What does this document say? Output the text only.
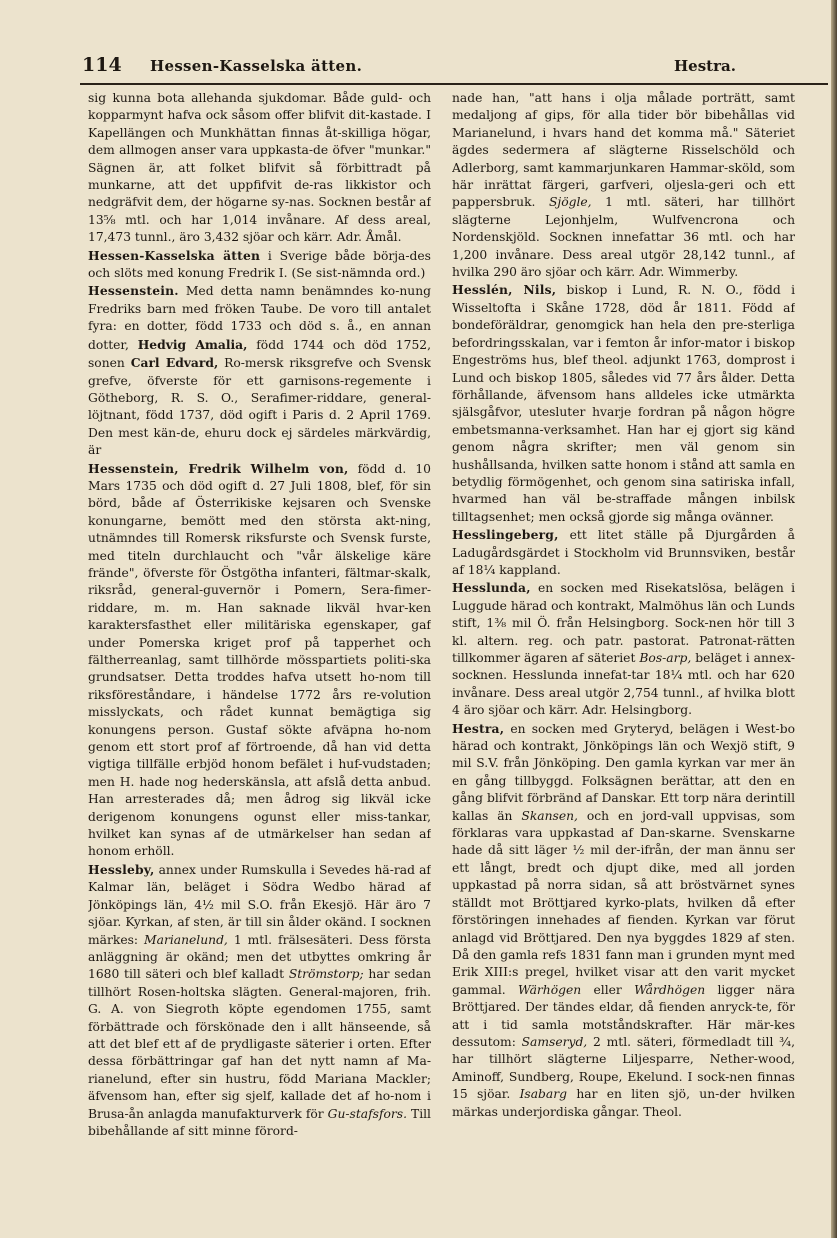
114 Hessen-Kasselska ätten.	Hestra.

sig kunna bota allehanda sjukdomar. Både guld- och kopparmynt hafva ock såsom offer blifvit dit-kastade. I Kapellängen och Munkhättan finnas åt-skilliga högar, dem allmogen anser vara uppkasta-de öfver "munkar." Sägnen är, att folket blifvit så förbittradt på munkarne, att det uppfifvit de-ras likkistor och nedgräfvit dem, der högarne sy-nas. Socknen består af 13⅝ mtl. och har 1,014 invånare. Af dess areal, 17,473 tunnl., äro 3,432 sjöar och kärr. Adr. Åmål.

Hessen-Kasselska ätten i Sverige både börja-des och slöts med konung Fredrik I. (Se sist-nämnda ord.)

Hessenstein. Med detta namn benämndes ko-nung Fredriks barn med fröken Taube. De voro till antalet fyra: en dotter, född 1733 och död s. å., en annan dotter, Hedvig Amalia, född 1744 och död 1752, sonen Carl Edvard, Ro-mersk riksgrefve och Svensk grefve, öfverste för ett garnisons-regemente i Götheborg, R. S. O., Serafimer-riddare, general-löjtnant, född 1737, död ogift i Paris d. 2 April 1769. Den mest kän-de, ehuru dock ej särdeles märkvärdig, är

Hessenstein, Fredrik Wilhelm von, född d. 10 Mars 1735 och död ogift d. 27 Juli 1808, blef, för sin börd, både af Österrikiske kejsaren och Svenske konungarne, bemött med den största akt-ning, utnämndes till Romersk riksfurste och Svensk furste, med titeln durchlaucht och "vår älskelige käre frände", öfverste för Östgötha infanteri, fältmar-skalk, riksråd, general-guvernör i Pomern, Sera-fimer-riddare, m. m. Han saknade likväl hvar-ken karaktersfasthet eller militäriska egenskaper, gaf under Pomerska kriget prof på tapperhet och fältherreanlag, samt tillhörde mösspartiets politi-ska grundsatser. Detta troddes hafva utsett ho-nom till riksföreståndare, i händelse 1772 års re-volution misslyckats, och rådet kunnat bemägtiga sig konungens person. Gustaf sökte afväpna ho-nom genom ett stort prof af förtroende, då han vid detta vigtiga tillfälle erbjöd honom befälet i huf-vudstaden; men H. hade nog hederskänsla, att afslå detta anbud. Han arresterades då; men ådrog sig likväl icke derigenom konungens ogunst eller miss-tankar, hvilket kan synas af de utmärkelser han sedan af honom erhöll.

Hessleby, annex under Rumskulla i Sevedes hä-rad af Kalmar län, beläget i Södra Wedbo härad af Jönköpings län, 4½ mil S.O. från Ekesjö. Här äro 7 sjöar. Kyrkan, af sten, är till sin ålder okänd. I socknen märkes: Marianelund, 1 mtl. frälsesäteri. Dess första anläggning är okänd; men det utbyttes omkring år 1680 till säteri och blef kalladt Strömstorp; har sedan tillhört Rosen-holtska slägten. General-majoren, frih. G. A. von Siegroth köpte egendomen 1755, samt förbättrade och förskönade den i allt hänseende, så att det blef ett af de prydligaste säterier i orten. Efter dessa förbättringar gaf han det nytt namn af Ma-rianelund, efter sin hustru, född Mariana Mackler; äfvensom han, efter sig sjelf, kallade det af ho-nom i Brusa-ån anlagda manufakturverk för Gu-stafsfors. Till bibehållande af sitt minne förord-

nade han, "att hans i olja målade porträtt, samt medaljong af gips, för alla tider bör bibehållas vid Marianelund, i hvars hand det komma må." Säteriet ägdes sedermera af slägterne Risselschöld och Adlerborg, samt kammarjunkaren Hammar-sköld, som här inrättat färgeri, garfveri, oljesla-geri och ett pappersbruk. Sjögle, 1 mtl. säteri, har tillhört slägterne Lejonhjelm, Wulfvencrona och Nordenskjöld. Socknen innefattar 36 mtl. och har 1,200 invånare. Dess areal utgör 28,142 tunnl., af hvilka 290 äro sjöar och kärr. Adr. Wimmerby.

Hesslén, Nils, biskop i Lund, R. N. O., född i Wisseltofta i Skåne 1728, död år 1811. Född af bondeföräldrar, genomgick han hela den pre-sterliga befordringsskalan, var i femton år infor-mator i biskop Engeströms hus, blef theol. adjunkt 1763, domprost i Lund och biskop 1805, således vid 77 års ålder. Detta förhållande, äfvensom hans alldeles icke utmärkta själsgåfvor, utesluter hvarje fordran på någon högre embetsmanna-verksamhet. Han har ej gjort sig känd genom några skrifter; men väl genom sin hushållsanda, hvilken satte honom i stånd att samla en betydlig förmögenhet, och genom sina satiriska infall, hvarmed han väl be-straffade mången inbilsk tilltagsenhet; men också gjorde sig många ovänner.

Hesslingeberg, ett litet ställe på Djurgården å Ladugårdsgärdet i Stockholm vid Brunnsviken, består af 18¼ kappland.

Hesslunda, en socken med Risekatslösa, belägen i Luggude härad och kontrakt, Malmöhus län och Lunds stift, 1⅜ mil Ö. från Helsingborg. Sock-nen hör till 3 kl. altern. reg. och patr. pastorat. Patronat-rätten tillkommer ägaren af säteriet Bos-arp, beläget i annex-socknen. Hesslunda innefat-tar 18¼ mtl. och har 620 invånare. Dess areal utgör 2,754 tunnl., af hvilka blott 4 äro sjöar och kärr. Adr. Helsingborg.

Hestra, en socken med Gryteryd, belägen i West-bo härad och kontrakt, Jönköpings län och Wexjö stift, 9 mil S.V. från Jönköping. Den gamla kyrkan var mer än en gång tillbyggd. Folksägnen berättar, att den en gång blifvit förbränd af Danskar. Ett torp nära derintill kallas än Skansen, och en jord-vall uppvisas, som förklaras vara uppkastad af Dan-skarne. Svenskarne hade då sitt läger ½ mil der-ifrån, der man ännu ser ett långt, bredt och djupt dike, med all jorden uppkastad på norra sidan, så att bröstvärnet synes ställdt mot Bröttjared kyrko-plats, hvilken då efter förstöringen innehades af fienden. Kyrkan var förut anlagd vid Bröttjared. Den nya byggdes 1829 af sten. Då den gamla refs 1831 fann man i grunden mynt med Erik XIII:s pregel, hvilket visar att den varit mycket gammal. Wärhögen eller Wårdhögen ligger nära Bröttjared. Der tändes eldar, då fienden anryck-te, för att i tid samla motståndskrafter. Här mär-kes dessutom: Samseryd, 2 mtl. säteri, förmedladt till ¾, har tillhört slägterne Liljesparre, Nether-wood, Aminoff, Sundberg, Roupe, Ekelund. I sock-nen finnas 15 sjöar. Isabarg har en liten sjö, un-der hvilken märkas underjordiska gångar. Theol.
